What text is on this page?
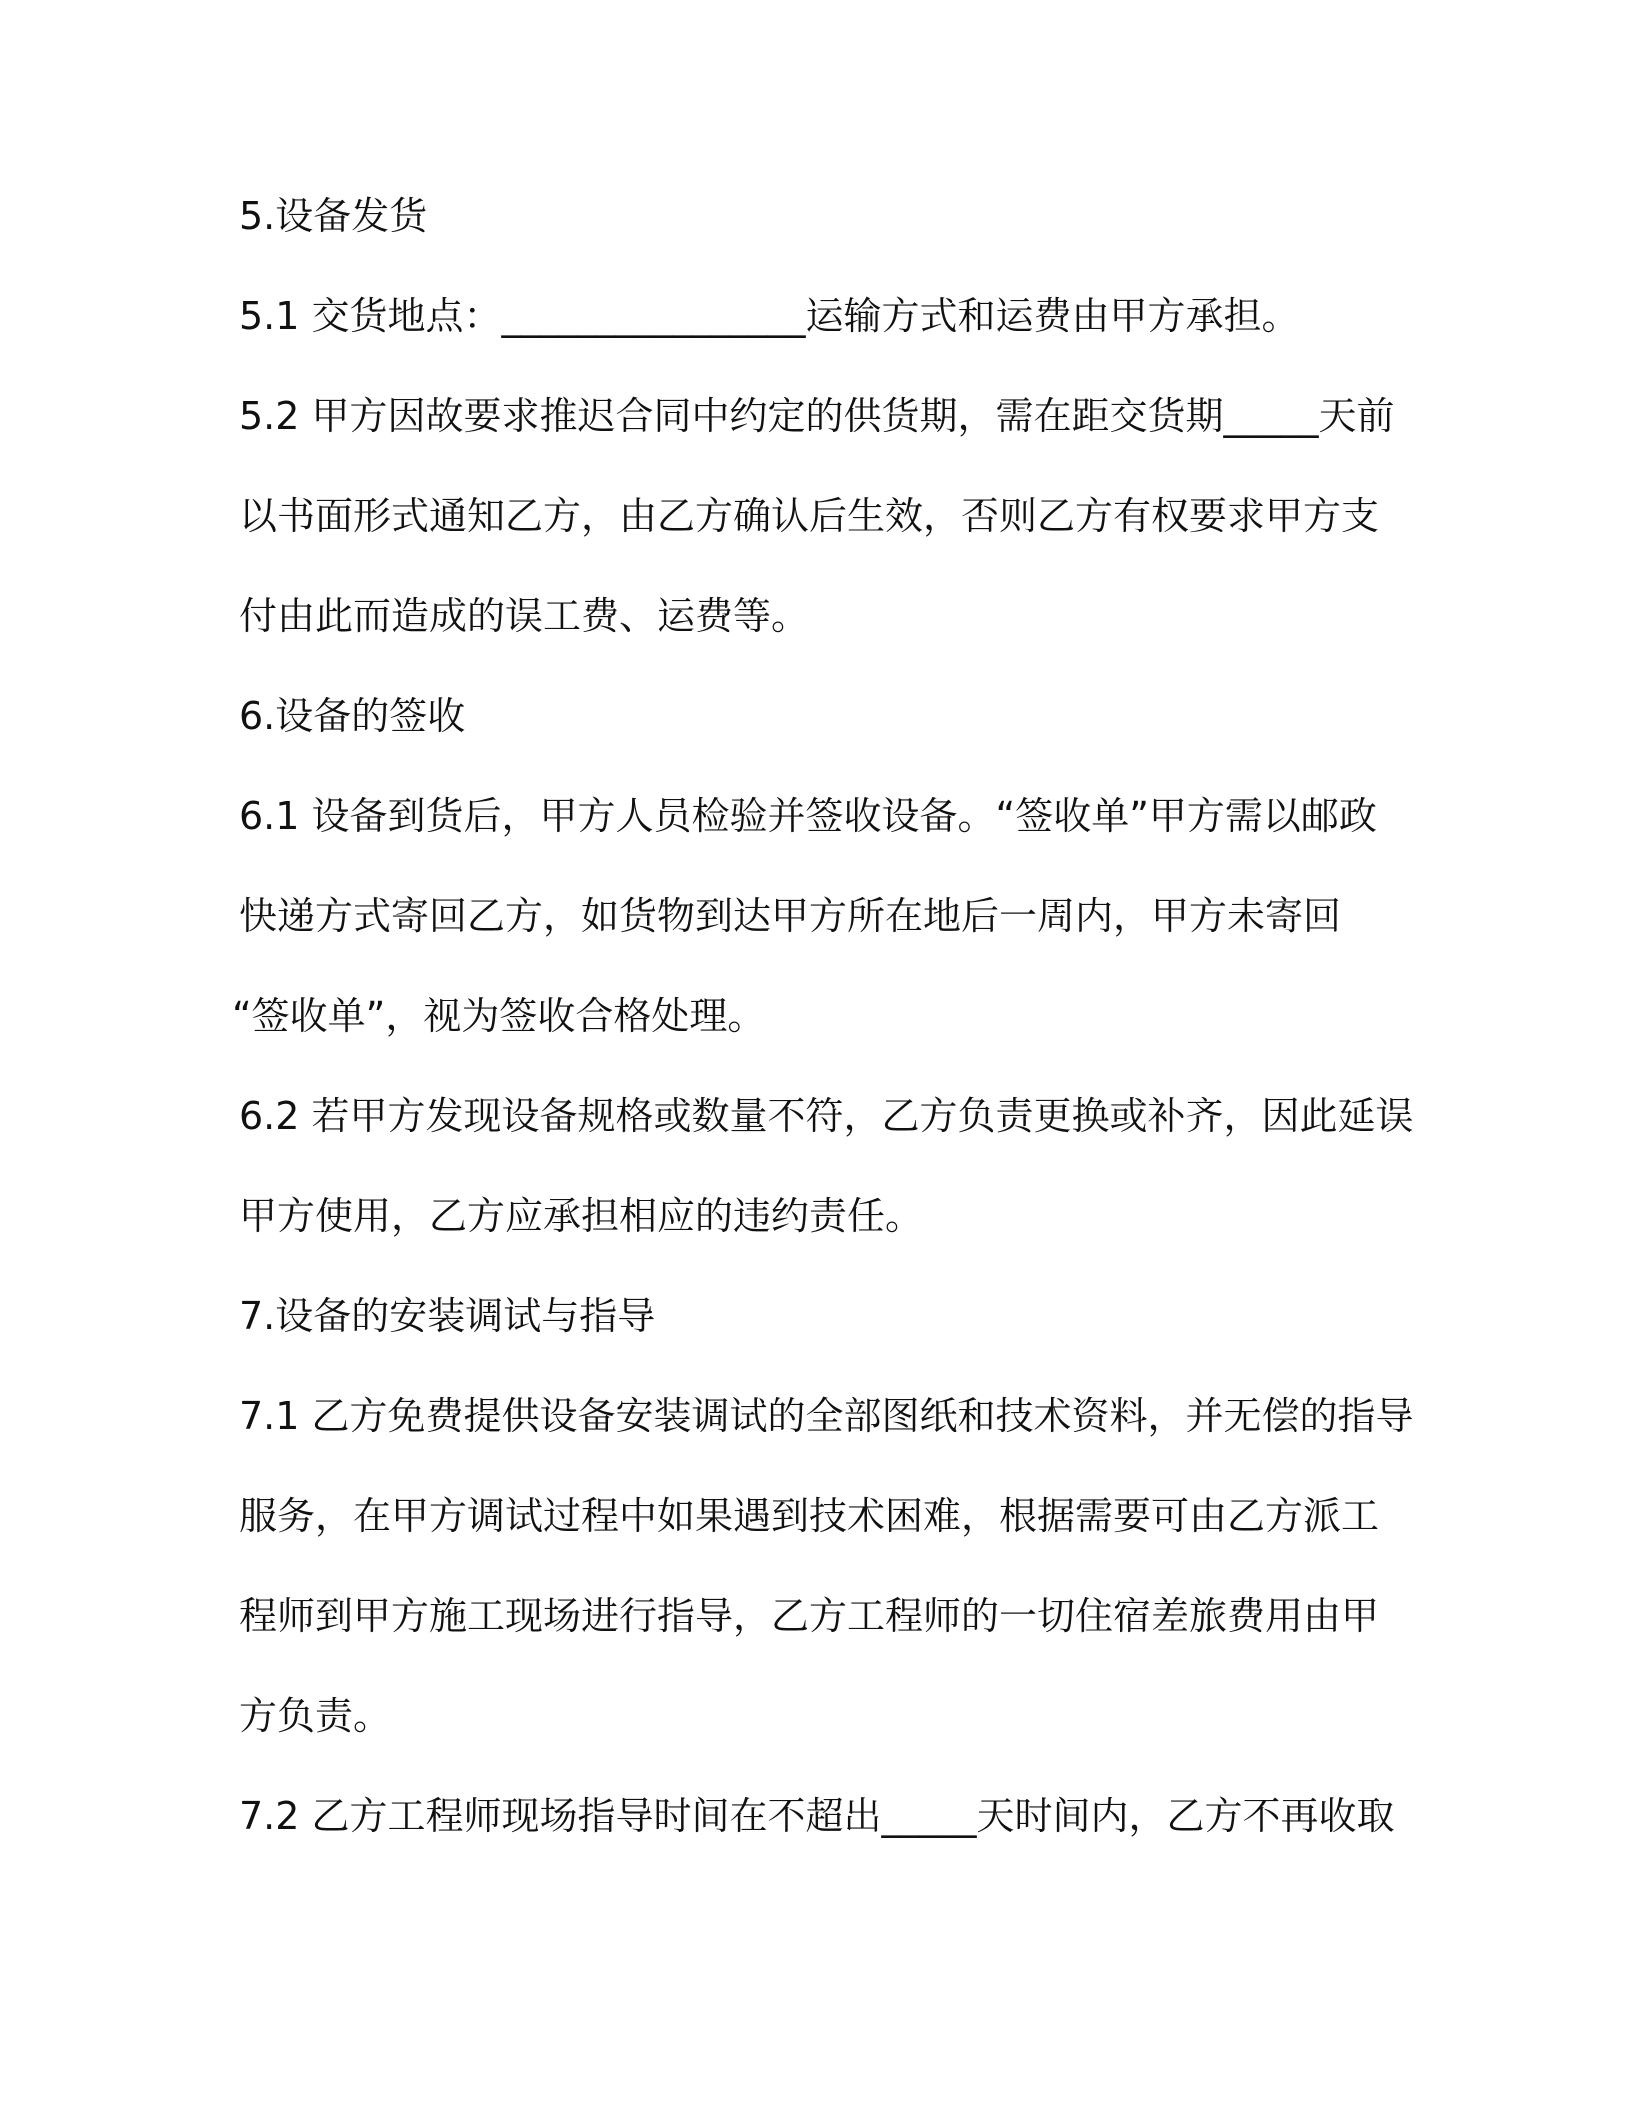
5.设备发货
5.1 交货地点：________________运输方式和运费由甲方承担。
5.2 甲方因故要求推迟合同中约定的供货期，需在距交货期_____天前
以书面形式通知乙方，由乙方确认后生效，否则乙方有权要求甲方支
付由此而造成的误工费、运费等。
6.设备的签收
6.1 设备到货后，甲方人员检验并签收设备。“签收单”甲方需以邮政
快递方式寄回乙方，如货物到达甲方所在地后一周内，甲方未寄回
“签收单”，视为签收合格处理。
6.2 若甲方发现设备规格或数量不符，乙方负责更换或补齐，因此延误
甲方使用，乙方应承担相应的违约责任。
7.设备的安装调试与指导
7.1 乙方免费提供设备安装调试的全部图纸和技术资料，并无偿的指导
服务，在甲方调试过程中如果遇到技术困难，根据需要可由乙方派工
程师到甲方施工现场进行指导，乙方工程师的一切住宿差旅费用由甲
方负责。
7.2 乙方工程师现场指导时间在不超出_____天时间内，乙方不再收取
